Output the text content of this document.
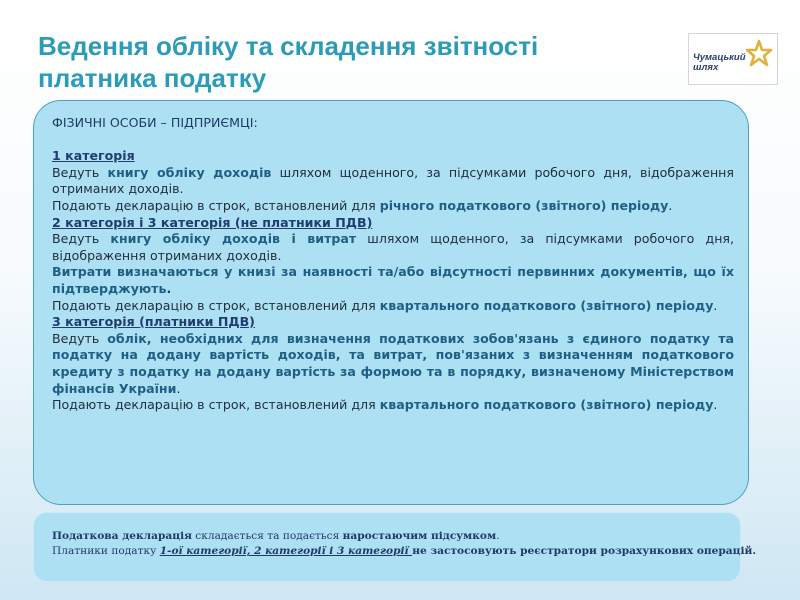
Ведення обліку та складення звітності
платника податку
Чумацький
шлях

ФІЗИЧНІ ОСОБИ – ПІДПРИЄМЦІ:

1 категорія

Ведуть книгу обліку доходів шляхом щоденного, за підсумками робочого дня, відображення отриманих доходів.

Подають декларацію в строк, встановлений для річного податкового (звітного) періоду.

2 категорія і 3 категорія (не платники ПДВ)

Ведуть книгу обліку доходів і витрат шляхом щоденного, за підсумками робочого дня, відображення отриманих доходів.

Витрати визначаються у книзі за наявності та/або відсутності первинних документів, що їх підтверджують.

Подають декларацію в строк, встановлений для квартального податкового (звітного) періоду.

3 категорія (платники ПДВ)

Ведуть облік, необхідних для визначення податкових зобов'язань з єдиного податку та податку на додану вартість доходів, та витрат, пов'язаних з визначенням податкового кредиту з податку на додану вартість за формою та в порядку, визначеному Міністерством фінансів України.

Подають декларацію в строк, встановлений для квартального податкового (звітного) періоду.

Податкова декларація складається та подається наростаючим підсумком.

Платники податку 1-ої категорії, 2 категорії і 3 категорії не застосовують реєстратори розрахункових операцій.
